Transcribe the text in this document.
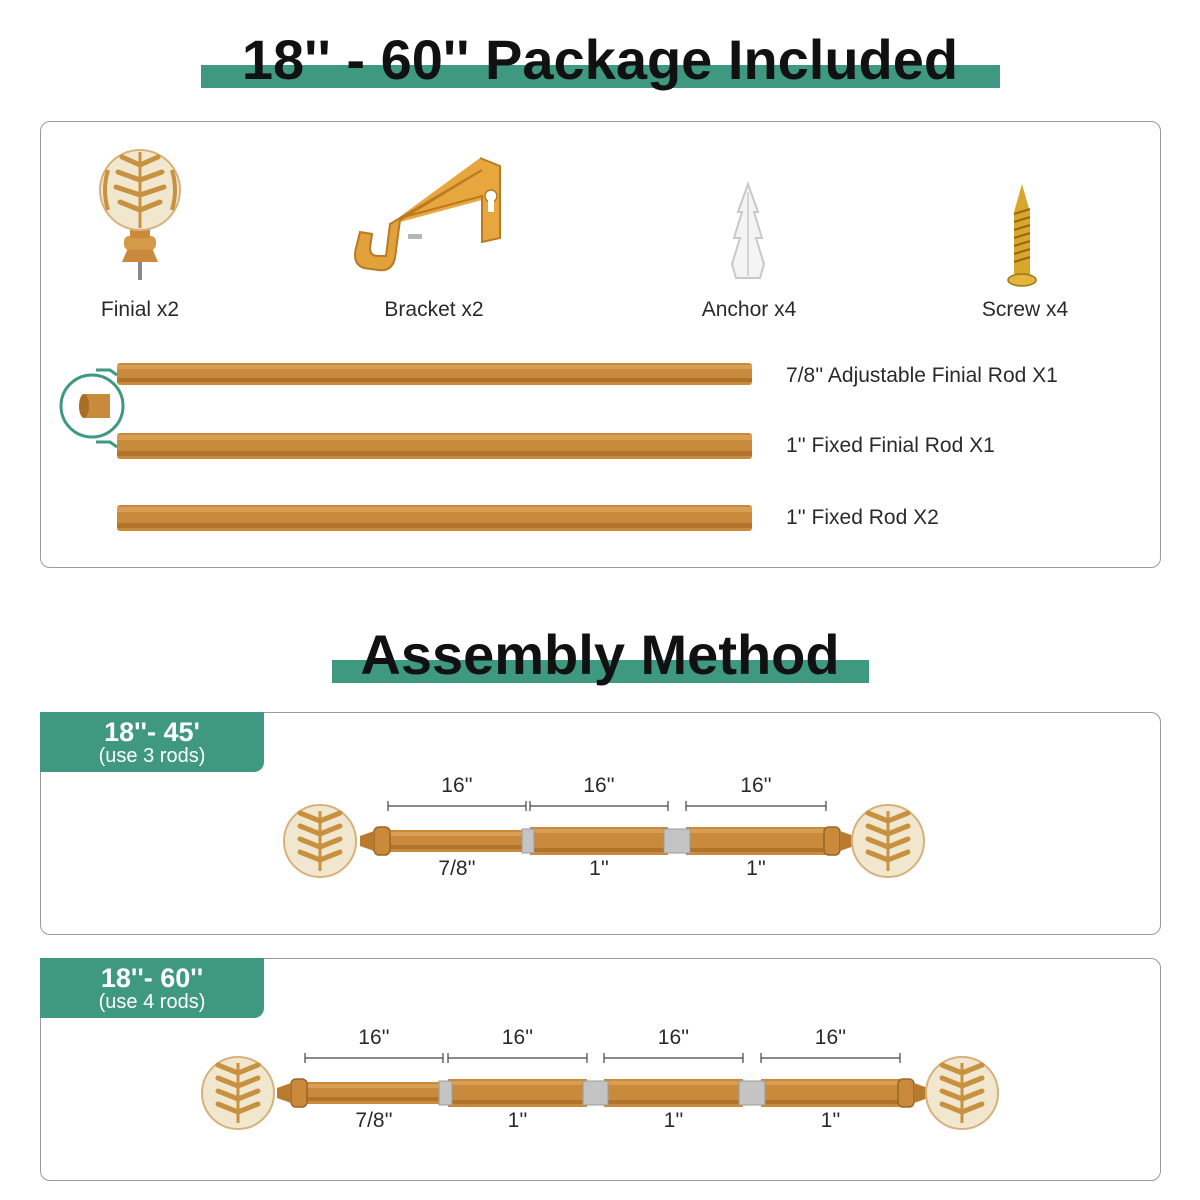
18'' - 60'' Package Included
Finial x2	Bracket x2	Anchor x4	Screw x4
7/8'' Adjustable Finial Rod X1
1'' Fixed Finial Rod X1
1'' Fixed Rod X2
Assembly Method
18''- 45'
(use 3 rods)
18''- 60''
(use 4 rods)
16''
7/8''
16''
1''
16''
1''
16''
7/8''
16''
1''
16''
1''
16''
1''
